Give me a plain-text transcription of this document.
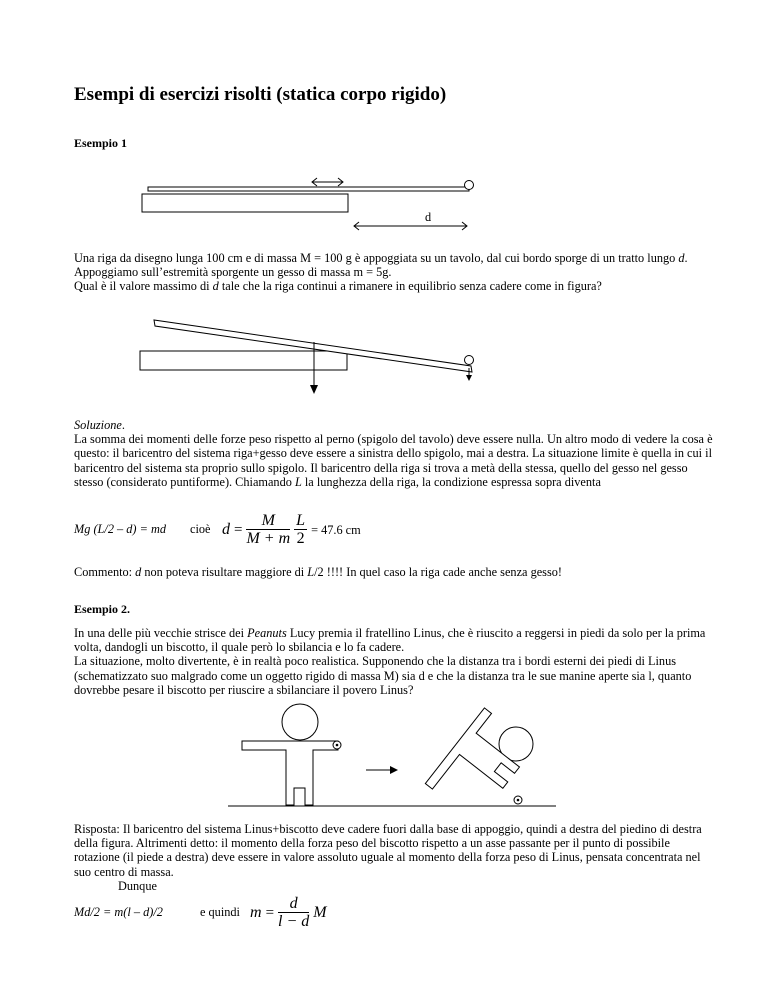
Esempi di esercizi risolti (statica corpo rigido)
Esempio 1
d
Una riga da disegno lunga 100 cm e di massa M = 100 g è appoggiata su un tavolo, dal cui bordo sporge di un tratto lungo d. Appoggiamo sull’estremità sporgente un gesso di massa m = 5g.
Qual è il valore massimo di d tale che la riga continui a rimanere in equilibrio senza cadere come in figura?
Soluzione.
La somma dei momenti delle forze peso rispetto al perno (spigolo del tavolo) deve essere nulla. Un altro modo di vedere la cosa è questo: il baricentro del sistema riga+gesso deve essere a sinistra dello spigolo, mai a destra. La situazione limite è quella in cui il baricentro del sistema sta proprio sullo spigolo. Il baricentro della riga si trova a metà della stessa, quello del gesso nel gesso stesso (considerato puntiforme). Chiamando L la lunghezza della riga, la condizione espressa sopra diventa
Mg (L/2 – d) = md cioè $d = \frac{M}{M + m} \frac{L}{2} = 47.6$ cm
Commento: d non poteva risultare maggiore di L/2 !!!! In quel caso la riga cade anche senza gesso!
Esempio 2.
In una delle più vecchie strisce dei Peanuts Lucy premia il fratellino Linus, che è riuscito a reggersi in piedi da solo per la prima volta, dandogli un biscotto, il quale però lo sbilancia e lo fa cadere.
La situazione, molto divertente, è in realtà poco realistica. Supponendo che la distanza tra i bordi esterni dei piedi di Linus (schematizzato suo malgrado come un oggetto rigido di massa M) sia d e che la distanza tra le sue manine aperte sia l, quanto dovrebbe pesare il biscotto per riuscire a sbilanciare il povero Linus?
Risposta: Il baricentro del sistema Linus+biscotto deve cadere fuori dalla base di appoggio, quindi a destra del piedino di destra della figura. Altrimenti detto: il momento della forza peso del biscotto rispetto a un asse passante per il punto di possibile rotazione (il piede a destra) deve essere in valore assoluto uguale al momento della forza peso di Linus, pensata concentrata nel suo centro di massa.
Dunque
Md/2 = m(l – d)/2	e quindi $m = \frac{d}{l - d}$ M
